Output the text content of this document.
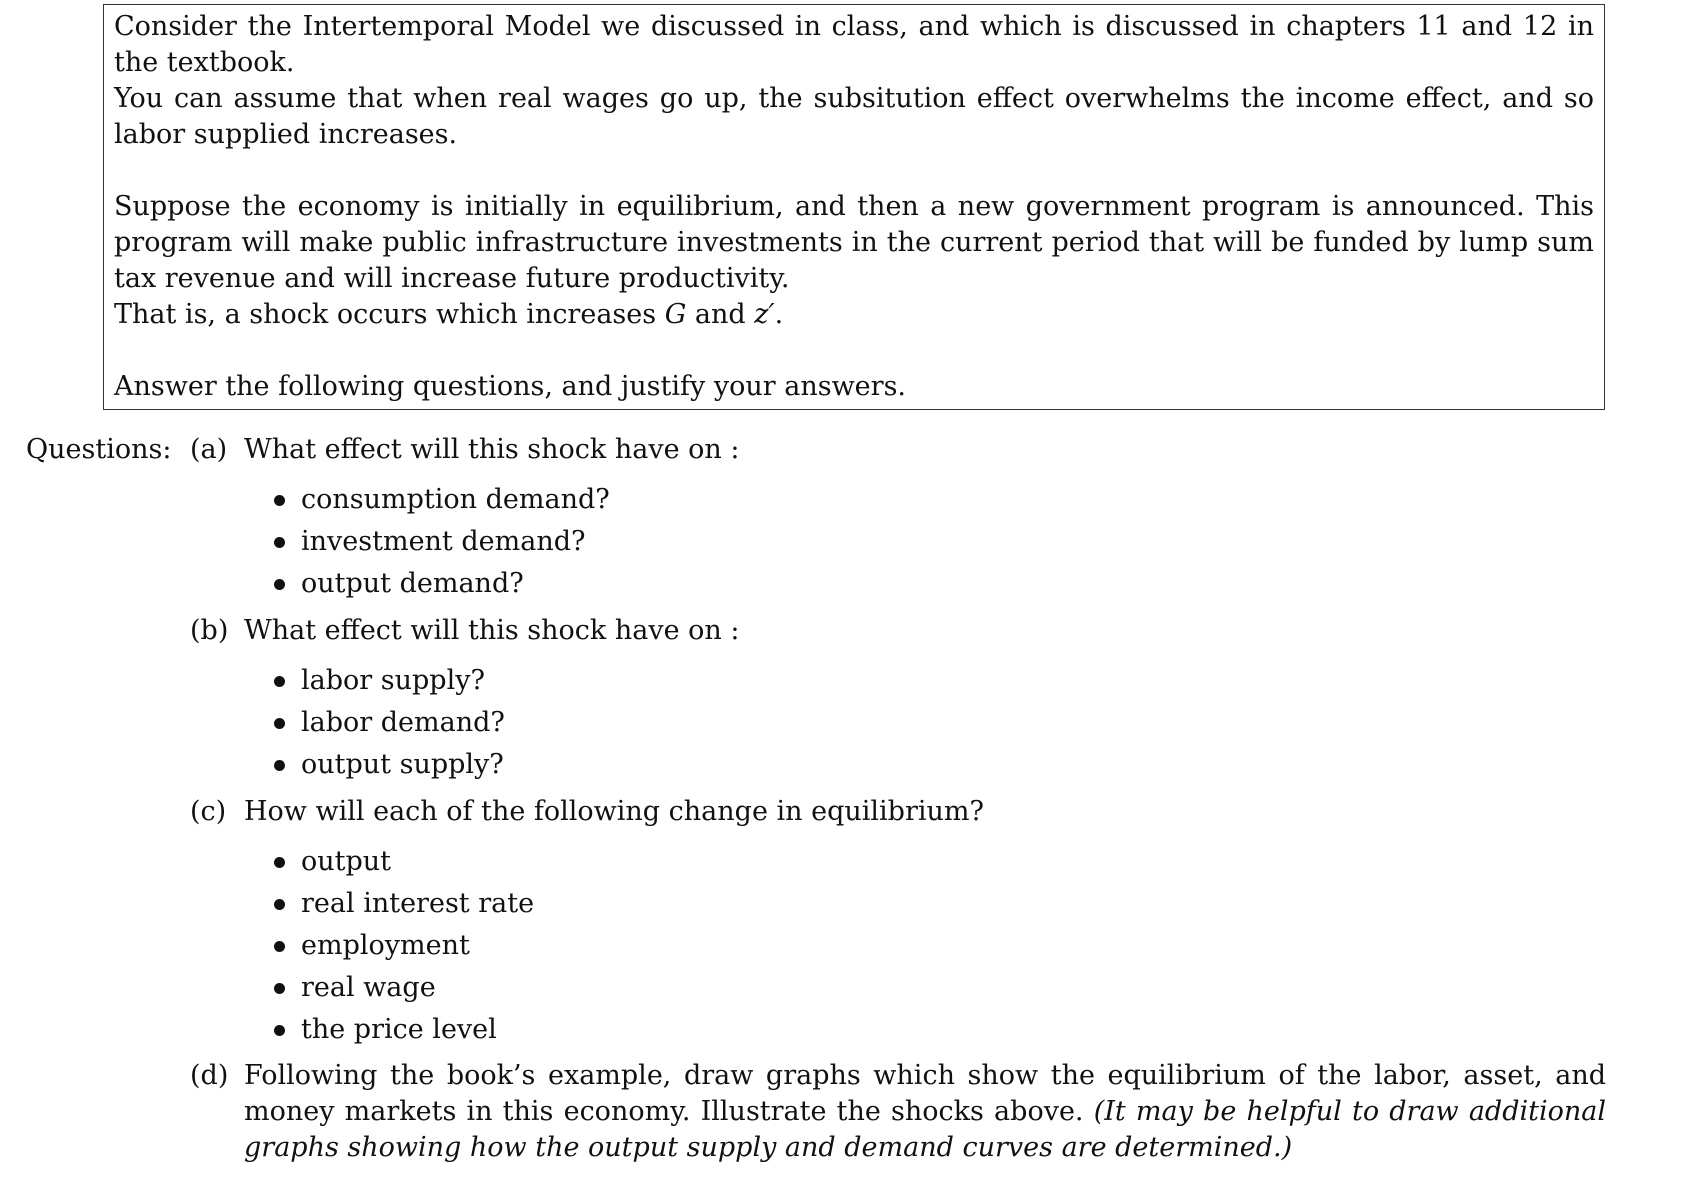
Consider the Intertemporal Model we discussed in class, and which is discussed in chapters 11 and 12 in the textbook.

You can assume that when real wages go up, the subsitution effect overwhelms the income effect, and so labor supplied increases.

Suppose the economy is initially in equilibrium, and then a new government program is announced. This program will make public infrastructure investments in the current period that will be funded by lump sum tax revenue and will increase future productivity.

That is, a shock occurs which increases G and z′.

Answer the following questions, and justify your answers.

Questions: (a) What effect will this shock have on :
consumption demand?
investment demand?
output demand?
(b) What effect will this shock have on :
labor supply?
labor demand?
output supply?
(c) How will each of the following change in equilibrium?
output
real interest rate
employment
real wage
the price level
(d) Following the book’s example, draw graphs which show the equilibrium of the labor, asset, and money markets in this economy. Illustrate the shocks above. (It may be helpful to draw additional graphs showing how the output supply and demand curves are determined.)
